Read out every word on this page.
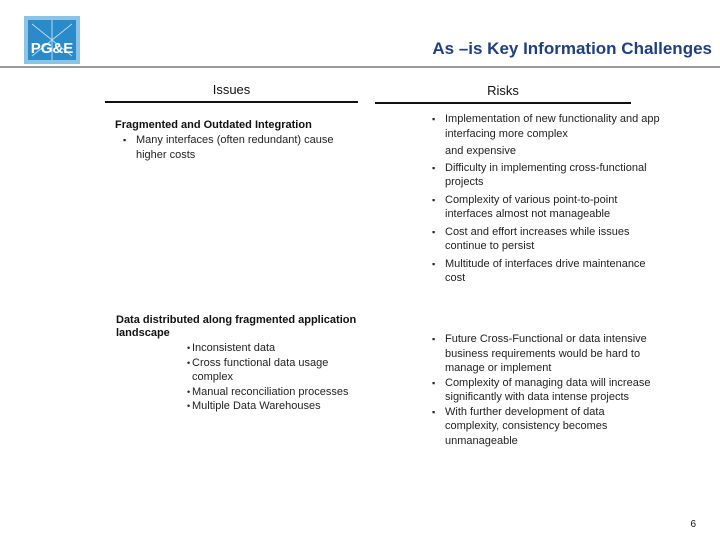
PG&E	As –is Key Information Challenges
Issues	Risks
Fragmented and Outdated Integration
▪ Many interfaces (often redundant) cause higher costs
▪ Implementation of new functionality and app interfacing more complex
and expensive
▪ Difficulty in implementing cross-functional projects
▪ Complexity of various point-to-point interfaces almost not manageable
▪ Cost and effort increases while issues continue to persist
▪ Multitude of interfaces drive maintenance cost
Data distributed along fragmented application landscape
• Inconsistent data
• Cross functional data usage complex
• Manual reconciliation processes
• Multiple Data Warehouses
▪ Future Cross-Functional or data intensive business requirements would be hard to manage or implement
▪ Complexity of managing data will increase significantly with data intense projects
▪ With further development of data complexity, consistency becomes unmanageable
6
